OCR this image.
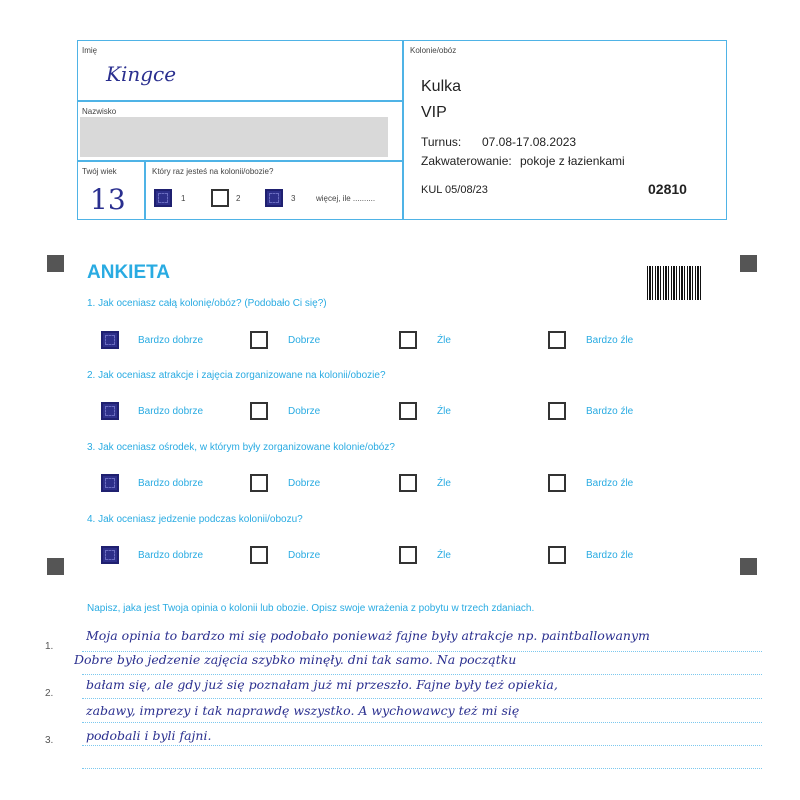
Imię
Kingce
Nazwisko
Twój wiek
13
Który raz jesteś na kolonii/obozie?
1	2	3	więcej, ile ..........
Kolonie/obóz
Kulka
VIP
Turnus: 07.08-17.08.2023
Zakwaterowanie: pokoje z łazienkami
KUL 05/08/23	02810
ANKIETA
1. Jak oceniasz całą kolonię/obóz? (Podobało Ci się?)
Bardzo dobrze	Dobrze	Źle	Bardzo źle
2. Jak oceniasz atrakcje i zajęcia zorganizowane na kolonii/obozie?
Bardzo dobrze	Dobrze	Źle	Bardzo źle
3. Jak oceniasz ośrodek, w którym były zorganizowane kolonie/obóz?
Bardzo dobrze	Dobrze	Źle	Bardzo źle
4. Jak oceniasz jedzenie podczas kolonii/obozu?
Bardzo dobrze	Dobrze	Źle	Bardzo źle
Napisz, jaka jest Twoja opinia o kolonii lub obozie. Opisz swoje wrażenia z pobytu w trzech zdaniach.
1.
2.
3.
Moja opinia to bardzo mi się podobało ponieważ fajne były atrakcje np. paintballowanym
Dobre było jedzenie zajęcia szybko minęły. dni tak samo. Na początku
bałam się, ale gdy już się poznałam już mi przeszło. Fajne były też opiekia,
zabawy, imprezy i tak naprawdę wszystko. A wychowawcy też mi się
podobali i byli fajni.
